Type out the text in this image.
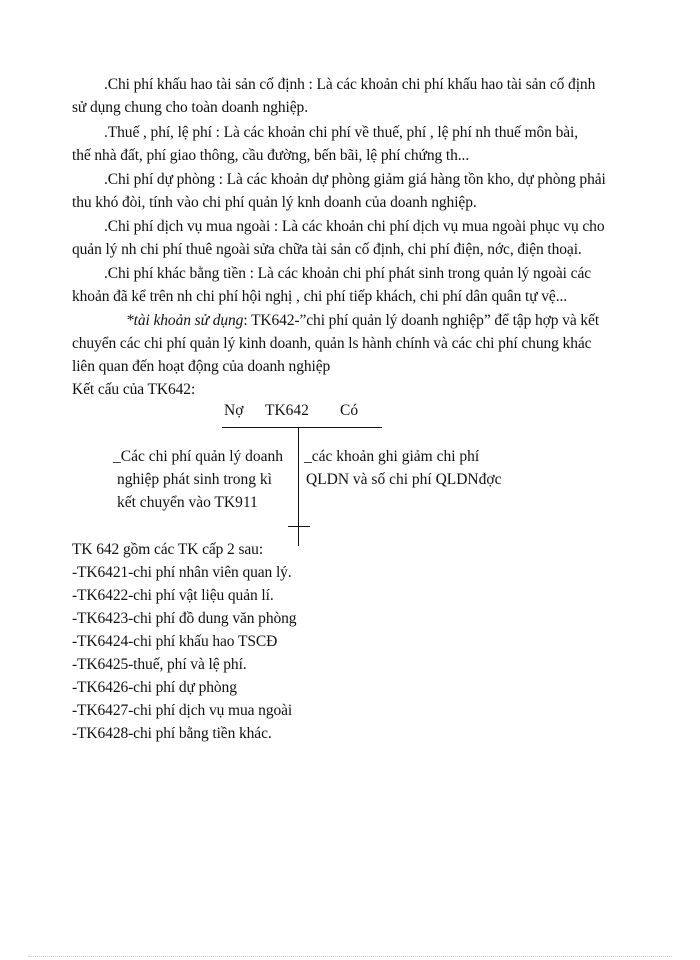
.Chi phí khấu hao tài sản cố định : Là các khoản chi phí khấu hao tài sản cố định
sử dụng chung cho toàn doanh nghiệp.
.Thuế , phí, lệ phí : Là các khoản chi phí về thuế, phí , lệ phí nh thuế môn bài,
thế nhà đất, phí giao thông, cầu đường, bến bãi, lệ phí chứng th...
.Chi phí dự phòng : Là các khoản dự phòng giảm giá hàng tồn kho, dự phòng phải
thu khó đòi, tính vào chi phí quản lý knh doanh của doanh nghiệp.
.Chi phí dịch vụ mua ngoài : Là các khoản chi phí dịch vụ mua ngoài phục vụ cho
quản lý nh chi phí thuê ngoài sửa chữa tài sản cố định, chi phí điện, nớc, điện thoại.
.Chi phí khác bằng tiền : Là các khoản chi phí phát sinh trong quản lý ngoài các
khoản đã kể trên nh chi phí hội nghị , chi phí tiếp khách, chi phí dân quân tự vệ...
*tài khoản sử dụng: TK642-”chi phí quản lý doanh nghiệp” để tập hợp và kết
chuyển các chi phí quản lý kinh doanh, quản ls hành chính và các chi phí chung khác
liên quan đến hoạt động của doanh nghiệp
Kết cấu của TK642:
Nợ TK642 Có
_Các chi phí quản lý doanh
nghiệp phát sinh trong kì
kết chuyển vào TK911
_các khoản ghi giảm chi phí
QLDN và số chi phí QLDNđợc
TK 642 gồm các TK cấp 2 sau:
-TK6421-chi phí nhân viên quan lý.
-TK6422-chi phí vật liệu quản lí.
-TK6423-chi phí đồ dung văn phòng
-TK6424-chi phí khấu hao TSCĐ
-TK6425-thuế, phí và lệ phí.
-TK6426-chi phí dự phòng
-TK6427-chi phí dịch vụ mua ngoài
-TK6428-chi phí bằng tiền khác.
